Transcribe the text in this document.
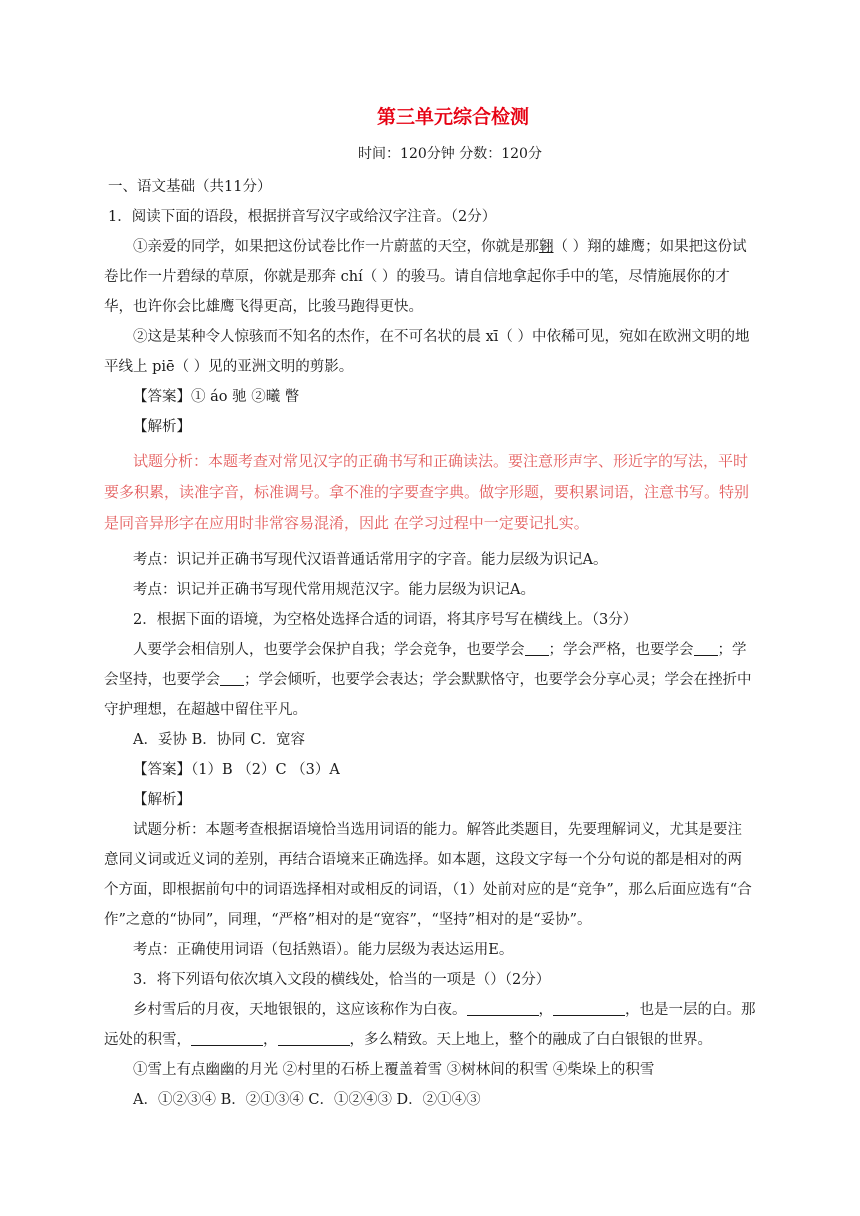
第三单元综合检测
时间：120分钟 分数：120分

一、语文基础（共11分）

1．阅读下面的语段，根据拼音写汉字或给汉字注音。（2分）

①亲爱的同学，如果把这份试卷比作一片蔚蓝的天空，你就是那翱（ ）翔的雄鹰；如果把这份试卷比作一片碧绿的草原，你就是那奔 chí（ ）的骏马。请自信地拿起你手中的笔，尽情施展你的才华，也许你会比雄鹰飞得更高，比骏马跑得更快。

②这是某种令人惊骇而不知名的杰作，在不可名状的晨 xī（ ）中依稀可见，宛如在欧洲文明的地平线上 piē（ ）见的亚洲文明的剪影。

【答案】① áo 驰 ②曦 瞥

【解析】

试题分析：本题考查对常见汉字的正确书写和正确读法。要注意形声字、形近字的写法，平时要多积累，读准字音，标准调号。拿不准的字要查字典。做字形题，要积累词语，注意书写。特别是同音异形字在应用时非常容易混淆，因此 在学习过程中一定要记扎实。

考点：识记并正确书写现代汉语普通话常用字的字音。能力层级为识记A。

考点：识记并正确书写现代常用规范汉字。能力层级为识记A。

2．根据下面的语境，为空格处选择合适的词语，将其序号写在横线上。（3分）

人要学会相信别人，也要学会保护自我；学会竞争，也要学会 ；学会严格，也要学会 ；学会坚持，也要学会 ；学会倾听，也要学会表达；学会默默恪守，也要学会分享心灵；学会在挫折中守护理想，在超越中留住平凡。

A．妥协 B．协同 C．宽容

【答案】（1）B （2）C （3）A

【解析】

试题分析：本题考查根据语境恰当选用词语的能力。解答此类题目，先要理解词义，尤其是要注意同义词或近义词的差别，再结合语境来正确选择。如本题，这段文字每一个分句说的都是相对的两个方面，即根据前句中的词语选择相对或相反的词语，（1）处前对应的是“竞争”，那么后面应选有“合作”之意的“协同”，同理，“严格”相对的是“宽容”，“坚持”相对的是“妥协”。

考点：正确使用词语（包括熟语）。能力层级为表达运用E。

3．将下列语句依次填入文段的横线处，恰当的一项是（）（2分）

乡村雪后的月夜，天地银银的，这应该称作为白夜。	，	，也是一层的白。那远处的积雪，	，	，多么精致。天上地上，整个的融成了白白银银的世界。

①雪上有点幽幽的月光 ②村里的石桥上覆盖着雪 ③树林间的积雪 ④柴垛上的积雪

A．①②③④ B．②①③④ C．①②④③ D．②①④③
